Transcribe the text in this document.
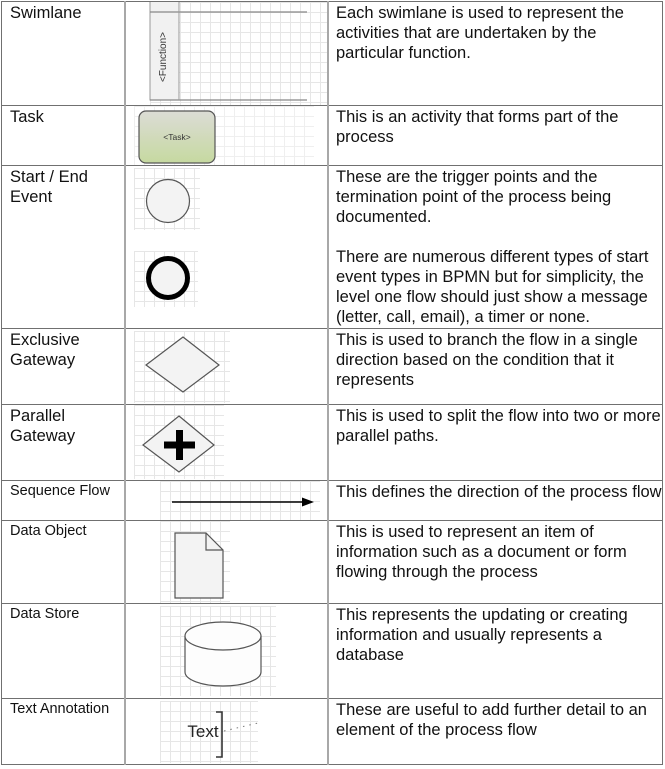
Swimlane	<Function>	Each swimlane is used to represent the activities that are undertaken by the particular function.

Task	<Task>	This is an activity that forms part of the process

Start / End Event		These are the trigger points and the termination point of the process being documented.

There are numerous different types of start event types in BPMN but for simplicity, the level one flow should just show a message (letter, call, email), a timer or none.

Exclusive Gateway		This is used to branch the flow in a single direction based on the condition that it represents

Parallel Gateway		This is used to split the flow into two or more parallel paths.

Sequence Flow		This defines the direction of the process flow

Data Object		This is used to represent an item of information such as a document or form flowing through the process

Data Store		This represents the updating or creating information and usually represents a database

Text Annotation	Text	These are useful to add further detail to an element of the process flow
